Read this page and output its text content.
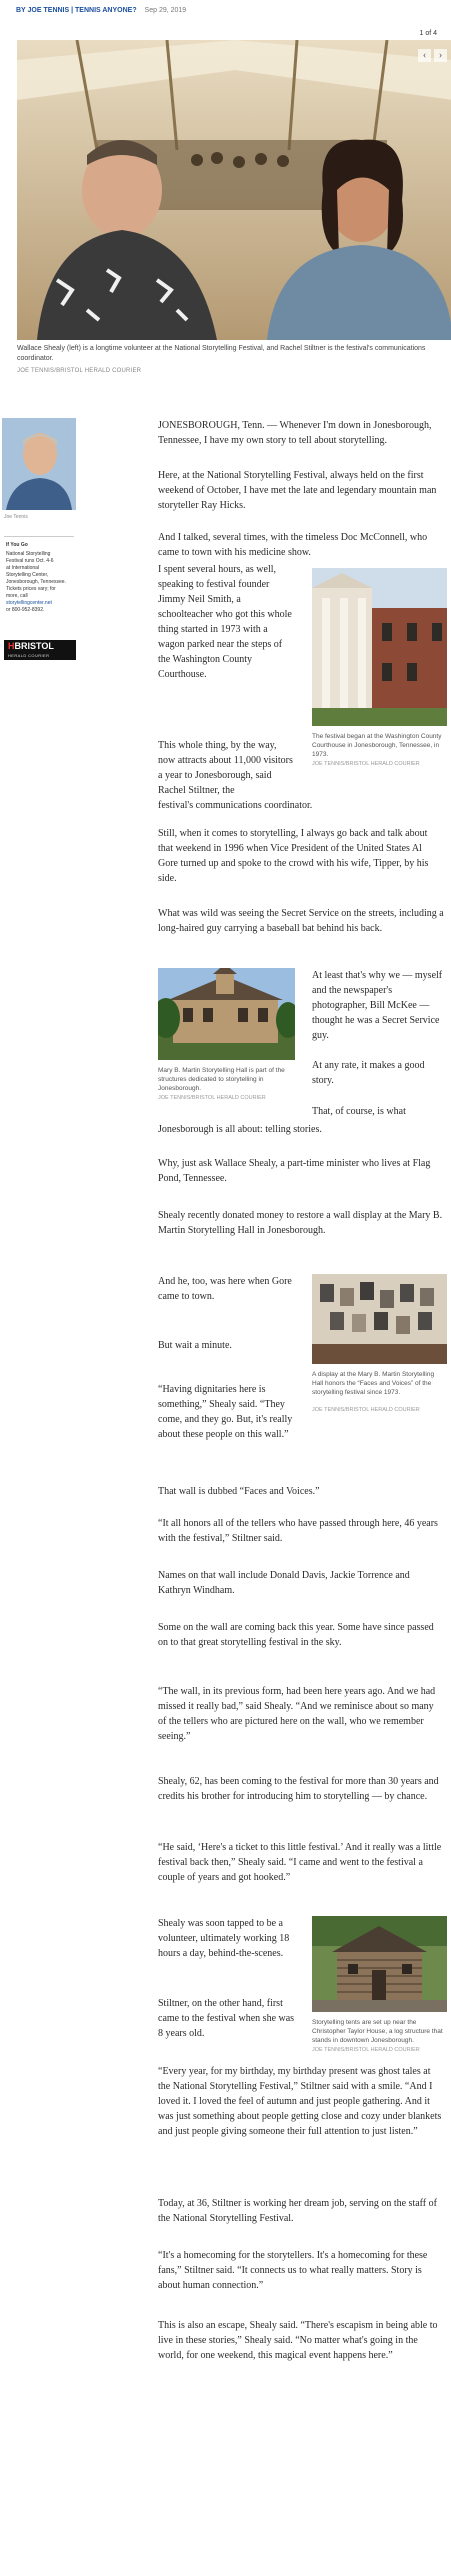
BY JOE TENNIS | TENNIS ANYONE? Sep 29, 2019
1 of 4
‹	›
Wallace Shealy (left) is a longtime volunteer at the National Storytelling Festival, and Rachel Stiltner is the festival's communications coordinator.
JOE TENNIS/BRISTOL HERALD COURIER
Joe Tennis
If You Go
National Storytelling
Festival runs Oct. 4-6
at International
Storytelling Center,
Jonesborough, Tennessee.
Tickets prices vary; for
more, call
storytellingcenter.net
or 800-952-8392.
HBRISTOL
HERALD COURIER
JONESBOROUGH, Tenn. — Whenever I'm down in Jonesborough, Tennessee, I have my own story to tell about storytelling.
Here, at the National Storytelling Festival, always held on the first weekend of October, I have met the late and legendary mountain man storyteller Ray Hicks.
And I talked, several times, with the timeless Doc McConnell, who came to town with his medicine show.
I spent several hours, as well, speaking to festival founder Jimmy Neil Smith, a schoolteacher who got this whole thing started in 1973 with a wagon parked near the steps of the Washington County Courthouse.
This whole thing, by the way, now attracts about 11,000 visitors a year to Jonesborough, said Rachel Stiltner, the
festival's communications coordinator.
The festival began at the Washington County Courthouse in Jonesborough, Tennessee, in 1973.
JOE TENNIS/BRISTOL HERALD COURIER
Still, when it comes to storytelling, I always go back and talk about that weekend in 1996 when Vice President of the United States Al Gore turned up and spoke to the crowd with his wife, Tipper, by his side.
What was wild was seeing the Secret Service on the streets, including a long-haired guy carrying a baseball bat behind his back.
Mary B. Martin Storytelling Hall is part of the structures dedicated to storytelling in Jonesborough.
JOE TENNIS/BRISTOL HERALD COURIER
At least that's why we — myself and the newspaper's photographer, Bill McKee — thought he was a Secret Service guy.
At any rate, it makes a good story.
That, of course, is what
Jonesborough is all about: telling stories.
Why, just ask Wallace Shealy, a part-time minister who lives at Flag Pond, Tennessee.
Shealy recently donated money to restore a wall display at the Mary B. Martin Storytelling Hall in Jonesborough.
And he, too, was here when Gore came to town.
But wait a minute.
“Having dignitaries here is something,” Shealy said. “They come, and they go. But, it's really about these people on this wall.”
A display at the Mary B. Martin Storytelling Hall honors the “Faces and Voices” of the storytelling festival since 1973.
JOE TENNIS/BRISTOL HERALD COURIER
That wall is dubbed “Faces and Voices.”
“It all honors all of the tellers who have passed through here, 46 years with the festival,” Stiltner said.
Names on that wall include Donald Davis, Jackie Torrence and Kathryn Windham.
Some on the wall are coming back this year. Some have since passed on to that great storytelling festival in the sky.
“The wall, in its previous form, had been here years ago. And we had missed it really bad,” said Shealy. “And we reminisce about so many of the tellers who are pictured here on the wall, who we remember seeing.”
Shealy, 62, has been coming to the festival for more than 30 years and credits his brother for introducing him to storytelling — by chance.
“He said, ‘Here's a ticket to this little festival.’ And it really was a little festival back then,” Shealy said. “I came and went to the festival a couple of years and got hooked.”
Shealy was soon tapped to be a volunteer, ultimately working 18 hours a day, behind-the-scenes.
Stiltner, on the other hand, first came to the festival when she was 8 years old.
Storytelling tents are set up near the Christopher Taylor House, a log structure that stands in downtown Jonesborough.
JOE TENNIS/BRISTOL HERALD COURIER
“Every year, for my birthday, my birthday present was ghost tales at the National Storytelling Festival,” Stiltner said with a smile. “And I loved it. I loved the feel of autumn and just people gathering. And it was just something about people getting close and cozy under blankets and just people giving someone their full attention to just listen.”
Today, at 36, Stiltner is working her dream job, serving on the staff of the National Storytelling Festival.
“It's a homecoming for the storytellers. It's a homecoming for these fans,” Stiltner said. “It connects us to what really matters. Story is about human connection.”
This is also an escape, Shealy said. “There's escapism in being able to live in these stories,” Shealy said. “No matter what's going in the world, for one weekend, this magical event happens here.”
